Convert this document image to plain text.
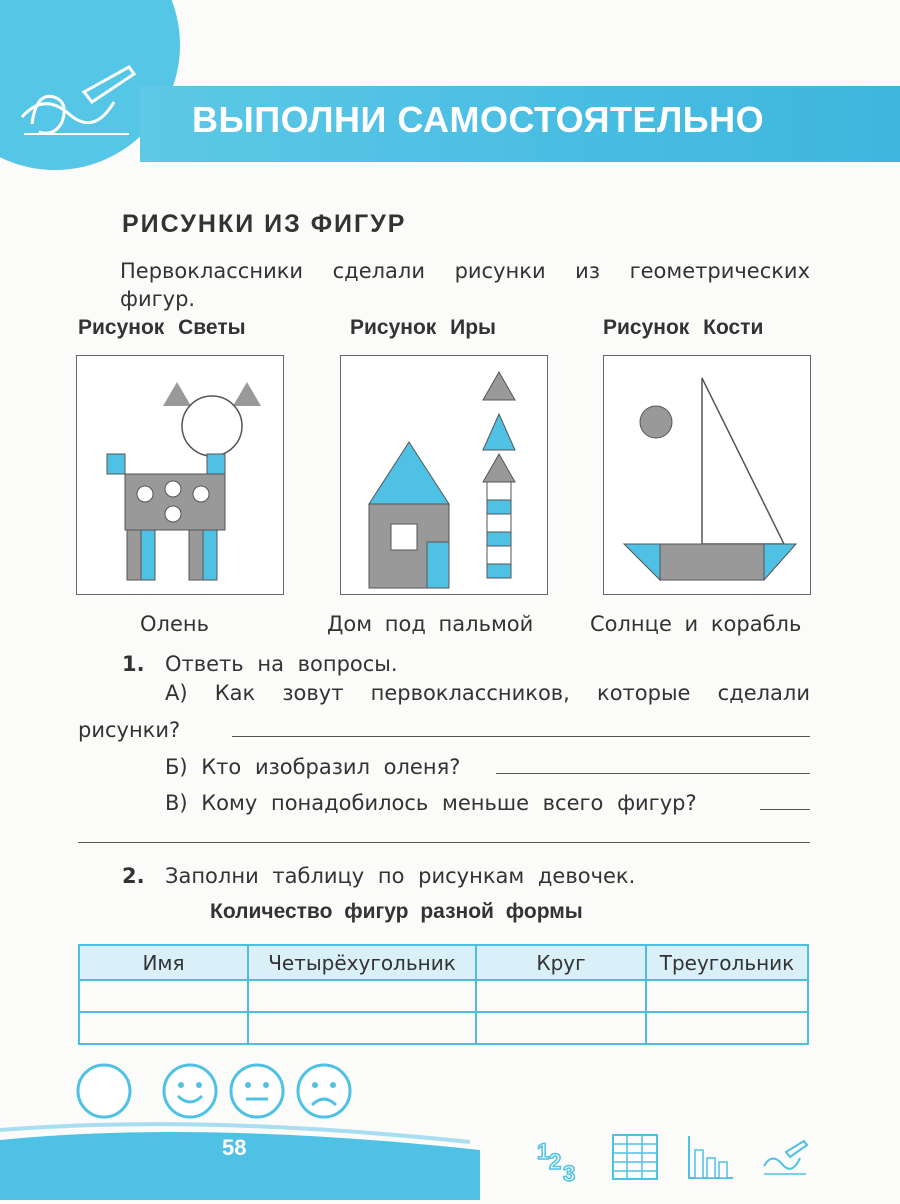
ВЫПОЛНИ САМОСТОЯТЕЛЬНО
РИСУНКИ ИЗ ФИГУР
Первоклассники сделали рисунки из геометрических фигур.
Рисунок Светы	Рисунок Иры	Рисунок Кости
Олень	Дом под пальмой	Солнце и корабль
1. Ответь на вопросы.
А) Как зовут первоклассников, которые сделали
рисунки?
Б) Кто изобразил оленя?
В) Кому понадобилось меньше всего фигур?
2. Заполни таблицу по рисункам девочек.
Количество фигур разной формы
Имя	Четырёхугольник	Круг	Треугольник

58	1 2 3
